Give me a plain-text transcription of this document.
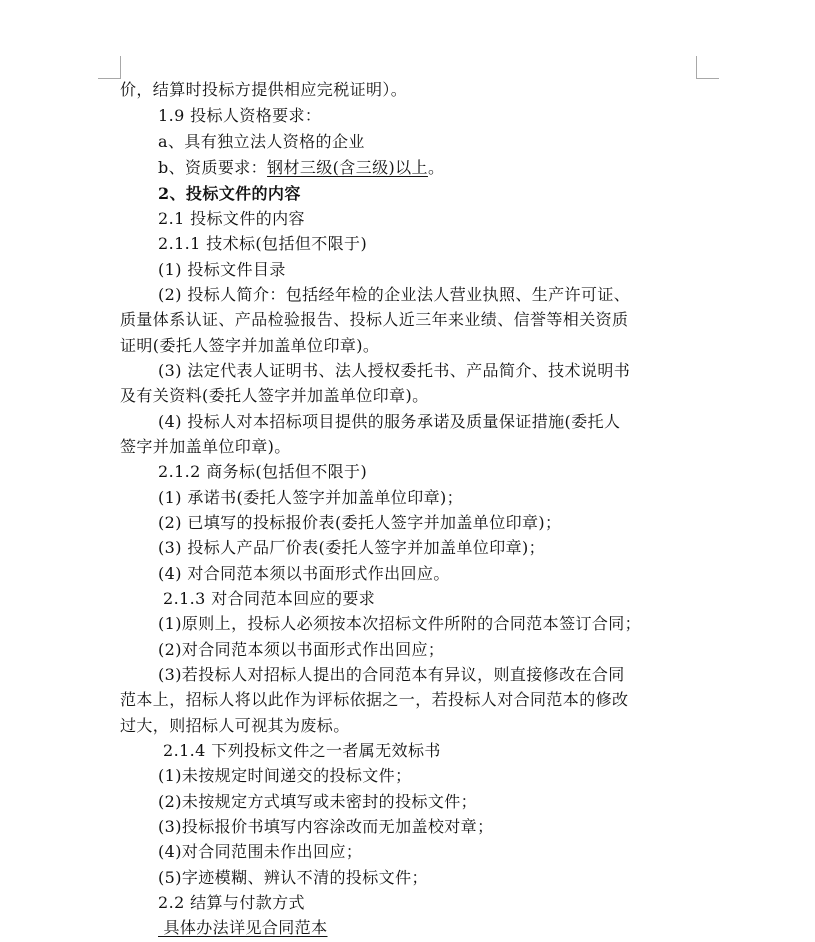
价，结算时投标方提供相应完税证明）。
1.9 投标人资格要求：
a、具有独立法人资格的企业
b、资质要求：钢材三级(含三级)以上。
2、投标文件的内容
2.1 投标文件的内容
2.1.1 技术标(包括但不限于)
(1) 投标文件目录
(2) 投标人简介：包括经年检的企业法人营业执照、生产许可证、
质量体系认证、产品检验报告、投标人近三年来业绩、信誉等相关资质
证明(委托人签字并加盖单位印章)。
(3) 法定代表人证明书、法人授权委托书、产品简介、技术说明书
及有关资料(委托人签字并加盖单位印章)。
(4) 投标人对本招标项目提供的服务承诺及质量保证措施(委托人
签字并加盖单位印章)。
2.1.2 商务标(包括但不限于)
(1) 承诺书(委托人签字并加盖单位印章)；
(2) 已填写的投标报价表(委托人签字并加盖单位印章)；
(3) 投标人产品厂价表(委托人签字并加盖单位印章)；
(4) 对合同范本须以书面形式作出回应。
2.1.3 对合同范本回应的要求
(1)原则上，投标人必须按本次招标文件所附的合同范本签订合同；
(2)对合同范本须以书面形式作出回应；
(3)若投标人对招标人提出的合同范本有异议，则直接修改在合同
范本上，招标人将以此作为评标依据之一，若投标人对合同范本的修改
过大，则招标人可视其为废标。
2.1.4 下列投标文件之一者属无效标书
(1)未按规定时间递交的投标文件；
(2)未按规定方式填写或未密封的投标文件；
(3)投标报价书填写内容涂改而无加盖校对章；
(4)对合同范围未作出回应；
(5)字迹模糊、辨认不清的投标文件；
2.2 结算与付款方式
具体办法详见合同范本
